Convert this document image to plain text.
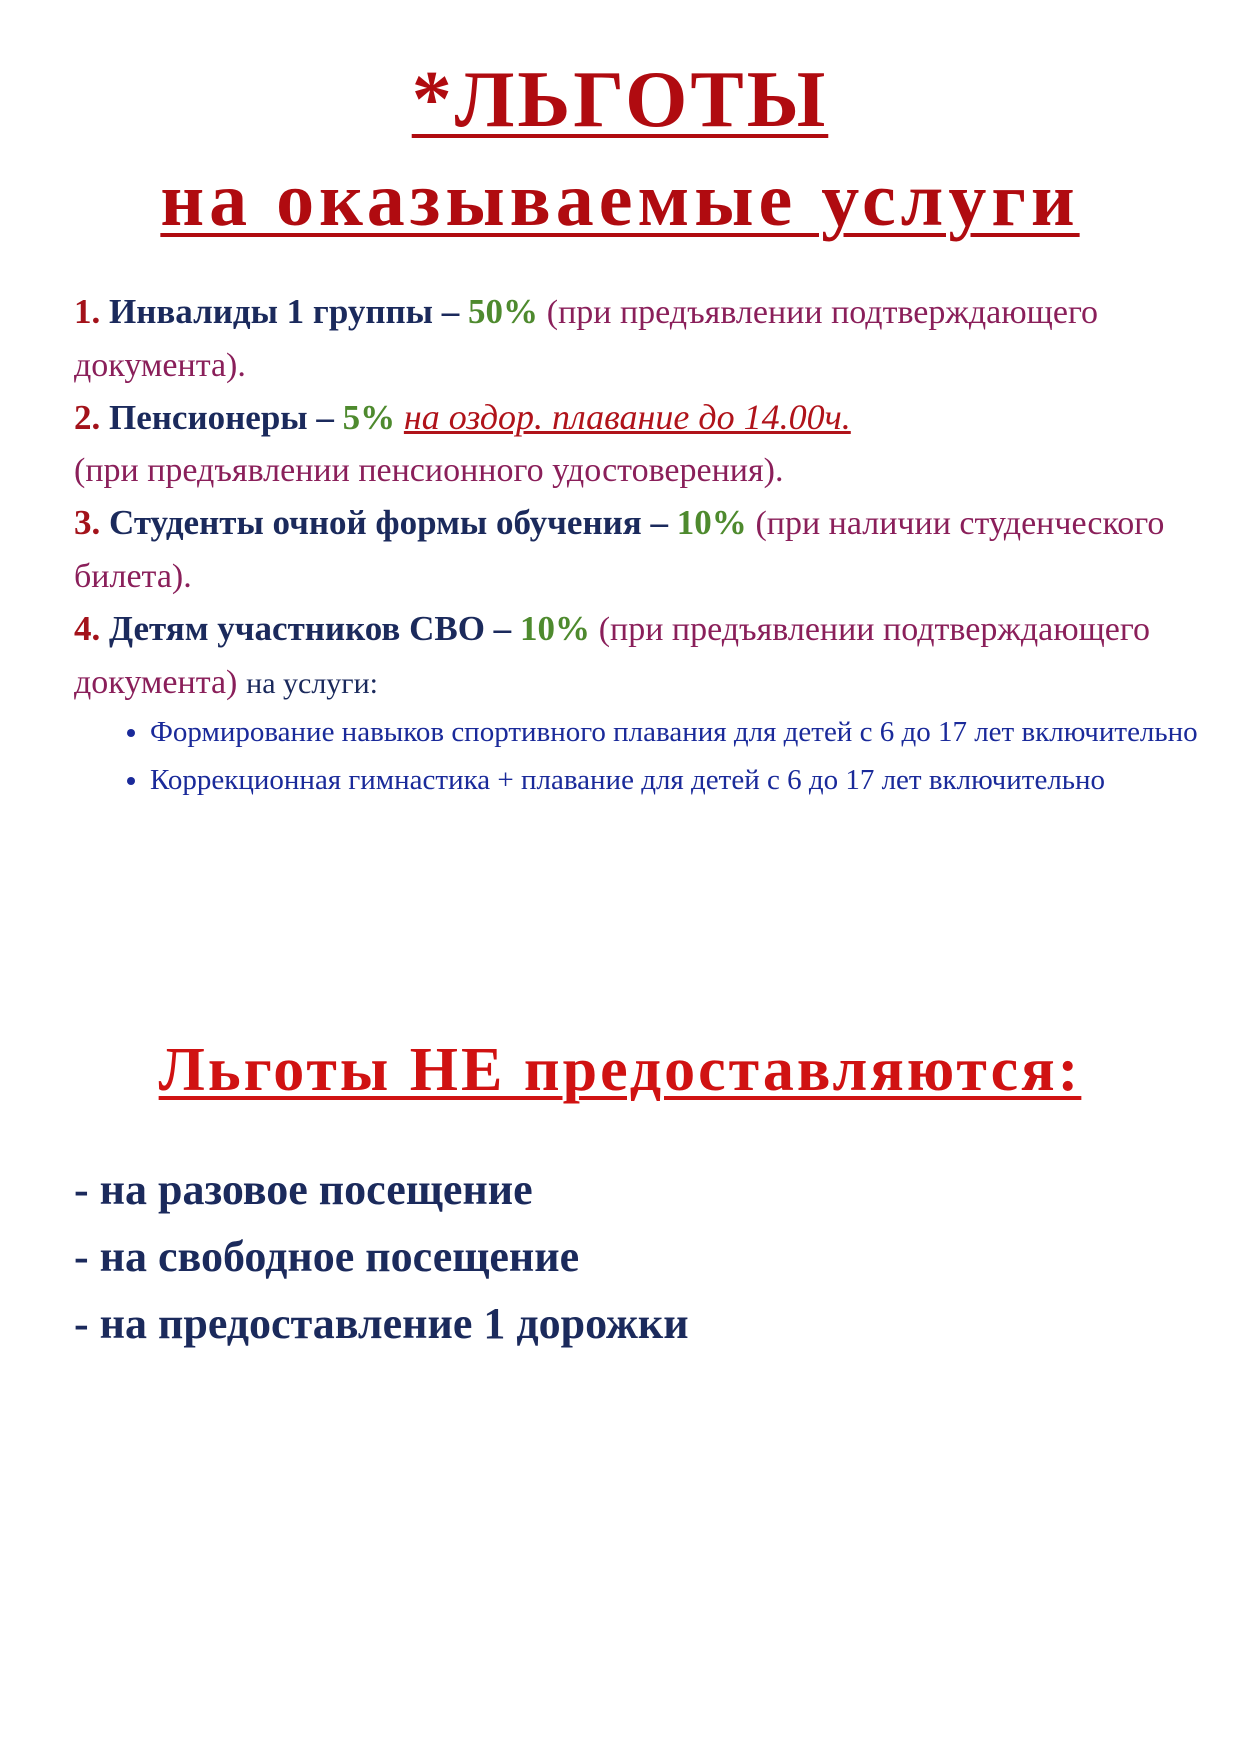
*ЛЬГОТЫ
на оказываемые услуги
1. Инвалиды 1 группы – 50% (при предъявлении подтверждающего документа).
2. Пенсионеры – 5% на оздор. плавание до 14.00ч.
(при предъявлении пенсионного удостоверения).
3. Студенты очной формы обучения – 10% (при наличии студенческого билета).
4. Детям участников СВО – 10% (при предъявлении подтверждающего документа) на услуги:
• Формирование навыков спортивного плавания для детей с 6 до 17 лет включительно
• Коррекционная гимнастика + плавание для детей с 6 до 17 лет включительно
Льготы НЕ предоставляются:
- на разовое посещение
- на свободное посещение
- на предоставление 1 дорожки
